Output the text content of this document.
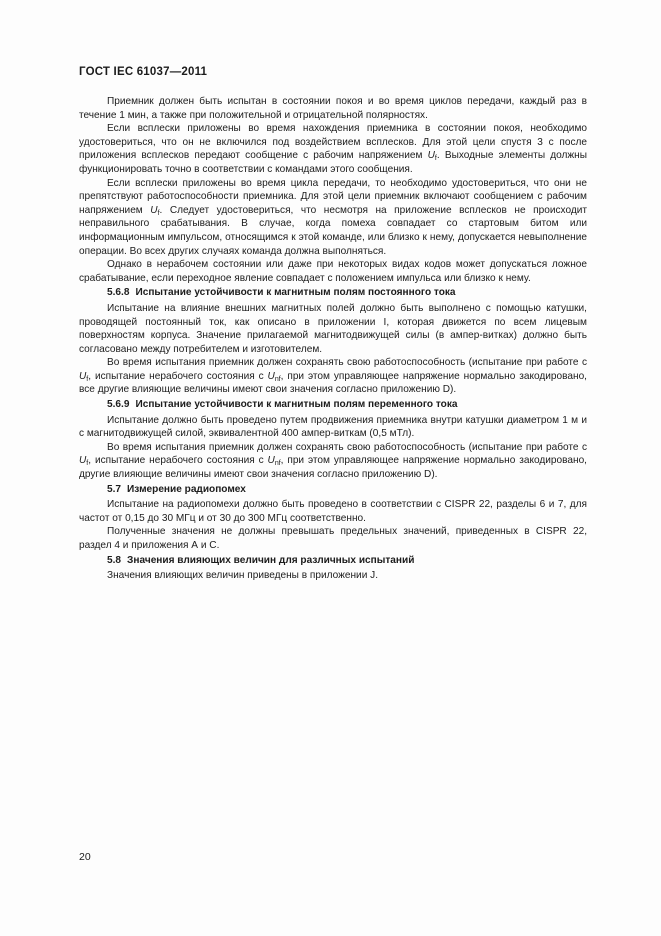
ГОСТ IEC 61037—2011

Приемник должен быть испытан в состоянии покоя и во время циклов передачи, каждый раз в течение 1 мин, а также при положительной и отрицательной полярностях.

Если всплески приложены во время нахождения приемника в состоянии покоя, необходимо удостовериться, что он не включился под воздействием всплесков. Для этой цели спустя 3 с после приложения всплесков передают сообщение с рабочим напряжением $U_f$. Выходные элементы должны функционировать точно в соответствии с командами этого сообщения.

Если всплески приложены во время цикла передачи, то необходимо удостовериться, что они не препятствуют работоспособности приемника. Для этой цели приемник включают сообщением с рабочим напряжением $U_f$. Следует удостовериться, что несмотря на приложение всплесков не происходит неправильного срабатывания. В случае, когда помеха совпадает со стартовым битом или информационным импульсом, относящимся к этой команде, или близко к нему, допускается невыполнение операции. Во всех других случаях команда должна выполняться.

Однако в нерабочем состоянии или даже при некоторых видах кодов может допускаться ложное срабатывание, если переходное явление совпадает с положением импульса или близко к нему.

5.6.8 Испытание устойчивости к магнитным полям постоянного тока

Испытание на влияние внешних магнитных полей должно быть выполнено с помощью катушки, проводящей постоянный ток, как описано в приложении I, которая движется по всем лицевым поверхностям корпуса. Значение прилагаемой магнитодвижущей силы (в ампер-витках) должно быть согласовано между потребителем и изготовителем.

Во время испытания приемник должен сохранять свою работоспособность (испытание при работе с $U_f$, испытание нерабочего состояния с $U_{nf}$, при этом управляющее напряжение нормально закодировано, все другие влияющие величины имеют свои значения согласно приложению D).

5.6.9 Испытание устойчивости к магнитным полям переменного тока

Испытание должно быть проведено путем продвижения приемника внутри катушки диаметром 1 м и с магнитодвижущей силой, эквивалентной 400 ампер-виткам (0,5 мТл).

Во время испытания приемник должен сохранять свою работоспособность (испытание при работе с $U_f$, испытание нерабочего состояния с $U_{nf}$, при этом управляющее напряжение нормально закодировано, другие влияющие величины имеют свои значения согласно приложению D).

5.7 Измерение радиопомех

Испытание на радиопомехи должно быть проведено в соответствии с CISPR 22, разделы 6 и 7, для частот от 0,15 до 30 МГц и от 30 до 300 МГц соответственно.

Полученные значения не должны превышать предельных значений, приведенных в CISPR 22, раздел 4 и приложения А и С.

5.8 Значения влияющих величин для различных испытаний

Значения влияющих величин приведены в приложении J.

20
